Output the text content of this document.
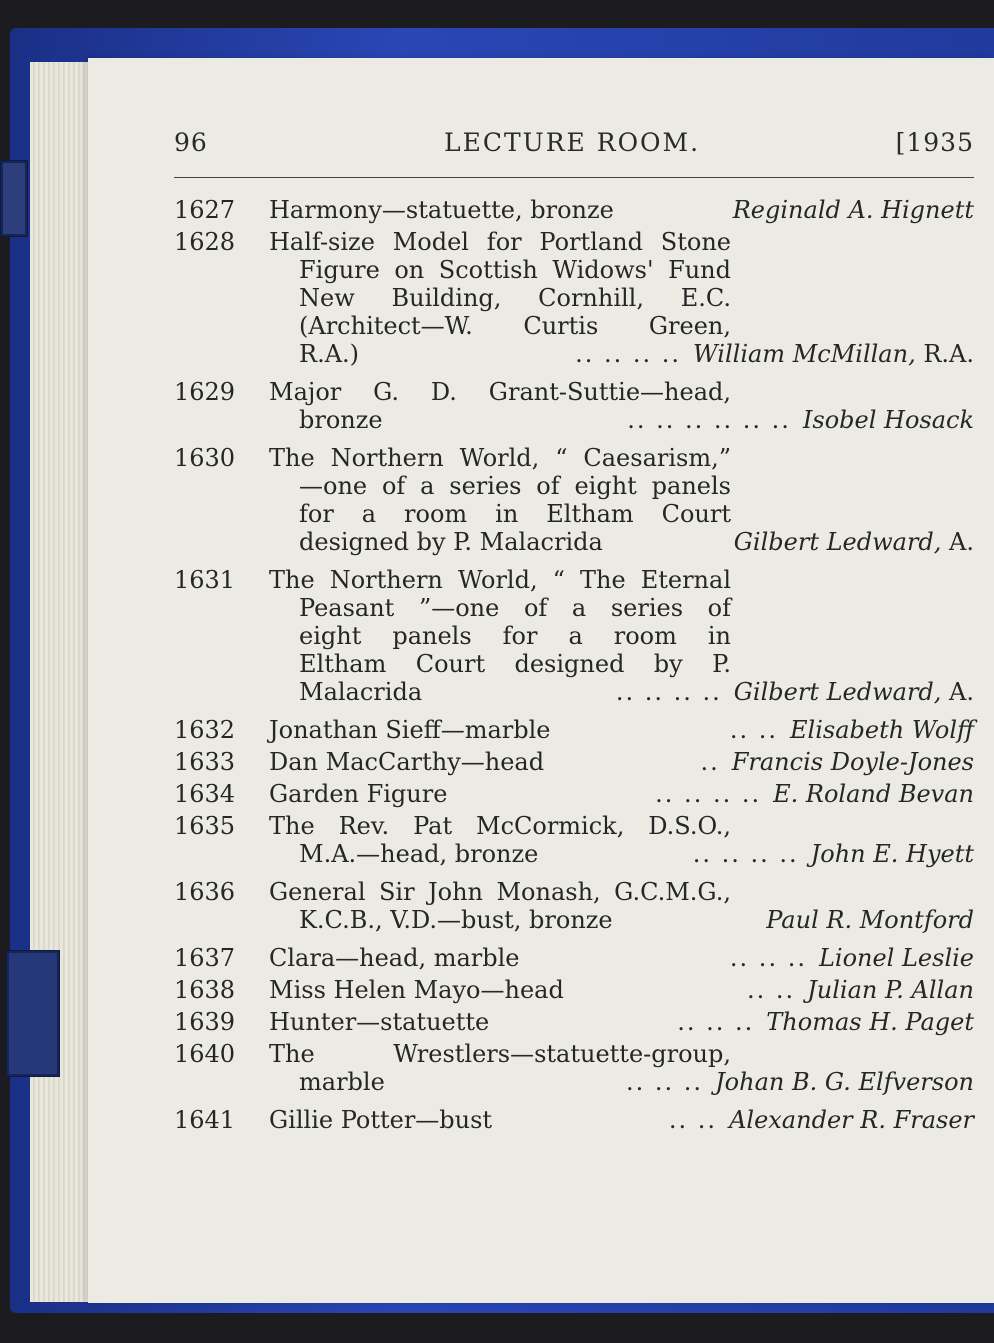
96	LECTURE ROOM.	[1935
1627	Harmony—statuette, bronze	Reginald A. Hignett
1628	Half-size Model for Portland Stone
Figure on Scottish Widows' Fund
New Building, Cornhill, E.C.
(Architect—W. Curtis Green,
R.A.)	.. .. .. .. William McMillan, R.A.
1629	Major G. D. Grant-Suttie—head,
bronze	.. .. .. .. .. .. Isobel Hosack
1630	The Northern World, “ Caesarism,”
—one of a series of eight panels
for a room in Eltham Court
designed by P. Malacrida	Gilbert Ledward, A.
1631	The Northern World, “ The Eternal
Peasant ”—one of a series of
eight panels for a room in
Eltham Court designed by P.
Malacrida	.. .. .. .. Gilbert Ledward, A.
1632	Jonathan Sieff—marble	.. .. Elisabeth Wolff
1633	Dan MacCarthy—head	.. Francis Doyle-Jones
1634	Garden Figure	.. .. .. .. E. Roland Bevan
1635	The Rev. Pat McCormick, D.S.O.,
M.A.—head, bronze	.. .. .. .. John E. Hyett
1636	General Sir John Monash, G.C.M.G.,
K.C.B., V.D.—bust, bronze	Paul R. Montford
1637	Clara—head, marble	.. .. .. Lionel Leslie
1638	Miss Helen Mayo—head	.. .. Julian P. Allan
1639	Hunter—statuette	.. .. .. Thomas H. Paget
1640	The Wrestlers—statuette-group,
marble	.. .. .. Johan B. G. Elfverson
1641	Gillie Potter—bust	.. .. Alexander R. Fraser
